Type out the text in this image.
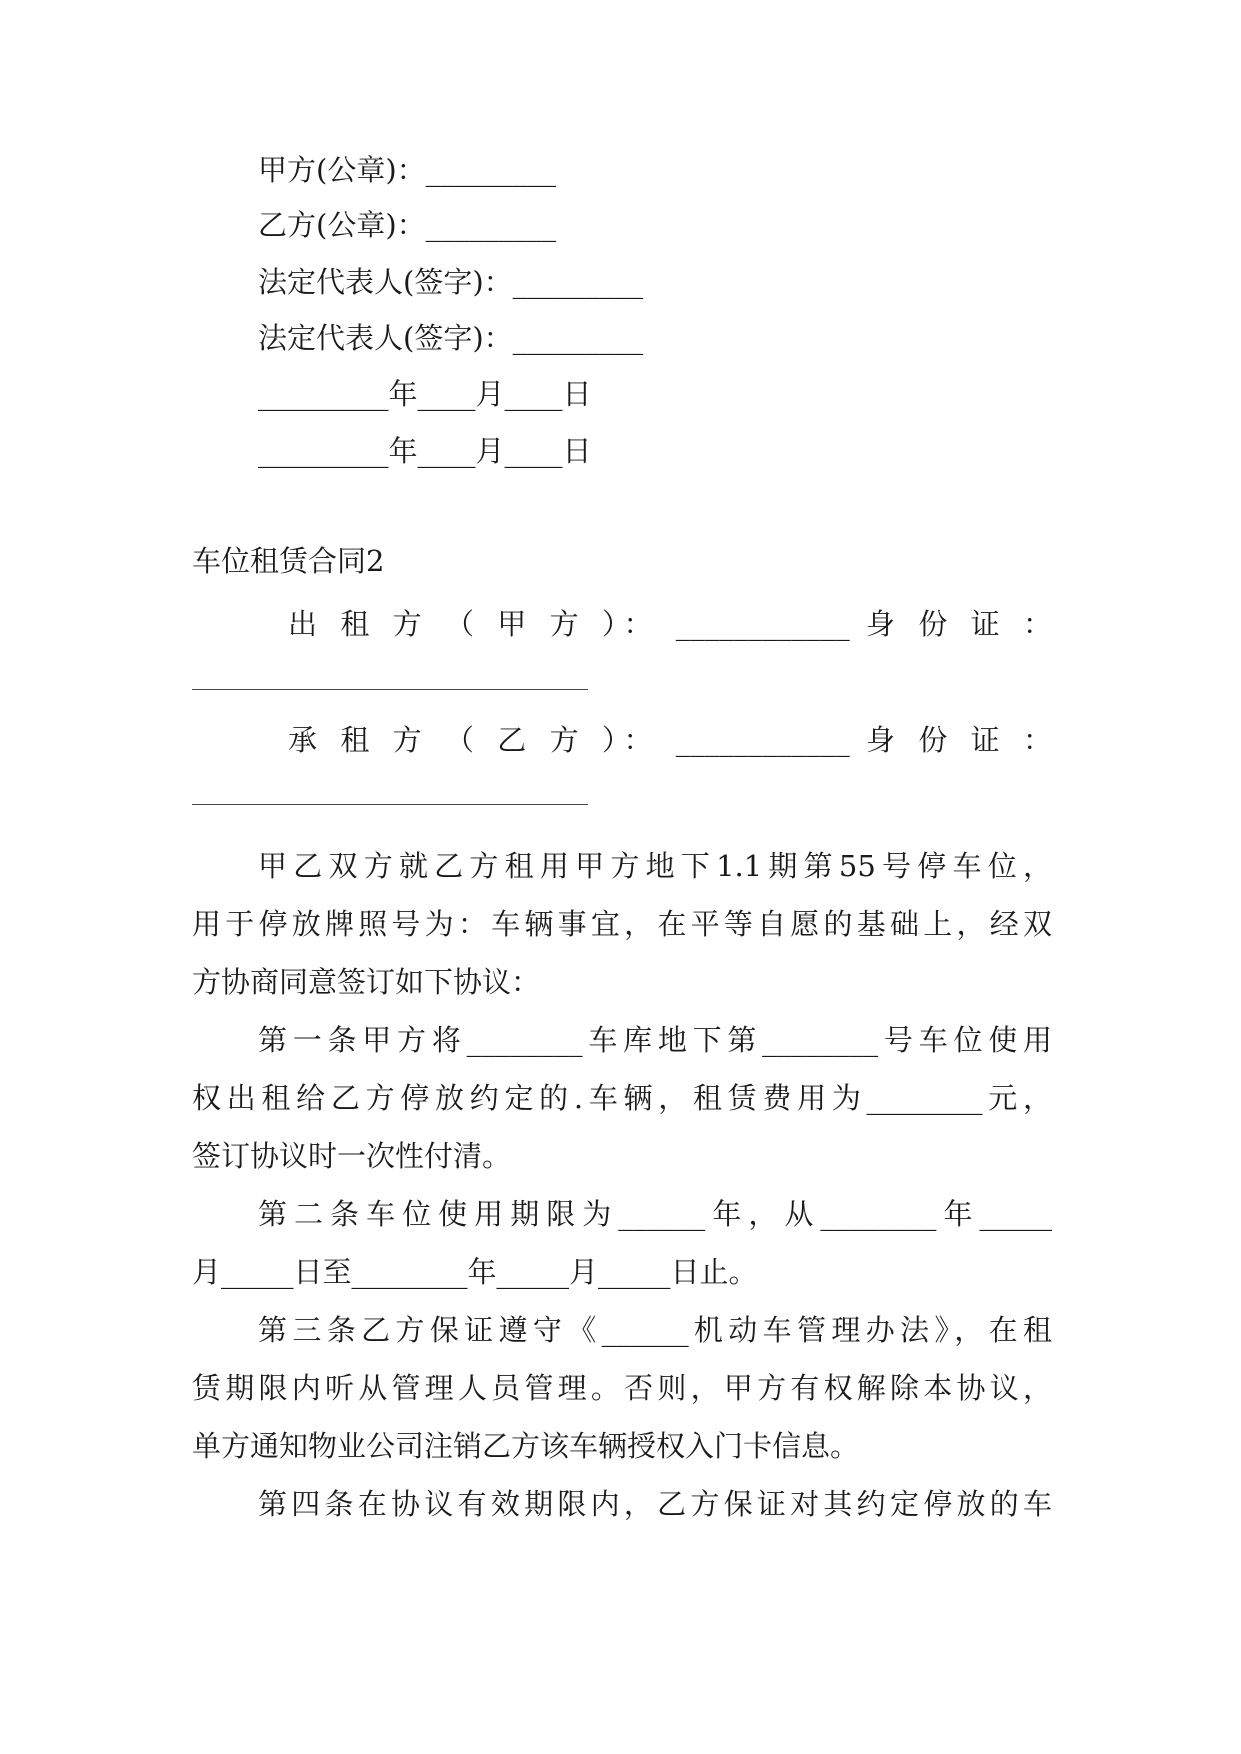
甲方(公章)：_________
乙方(公章)：_________
法定代表人(签字)：_________
法定代表人(签字)：_________
_________年____月____日
_________年____月____日
车位租赁合同2
出 租 方 （ 甲 方 ）： ____________ 身 份 证 ：
承 租 方 （ 乙 方 ）： ____________ 身 份 证 ：
甲乙双方就乙方租用甲方地下1.1期第55号停车位，
用于停放牌照号为：车辆事宜，在平等自愿的基础上，经双
方协商同意签订如下协议：
第一条甲方将________车库地下第________号车位使用
权出租给乙方停放约定的.车辆，租赁费用为________元，
签订协议时一次性付清。
第二条车位使用期限为______年，从________年_____
月_____日至________年_____月_____日止。
第三条乙方保证遵守《______机动车管理办法》，在租
赁期限内听从管理人员管理。否则，甲方有权解除本协议，
单方通知物业公司注销乙方该车辆授权入门卡信息。
第四条在协议有效期限内，乙方保证对其约定停放的车
